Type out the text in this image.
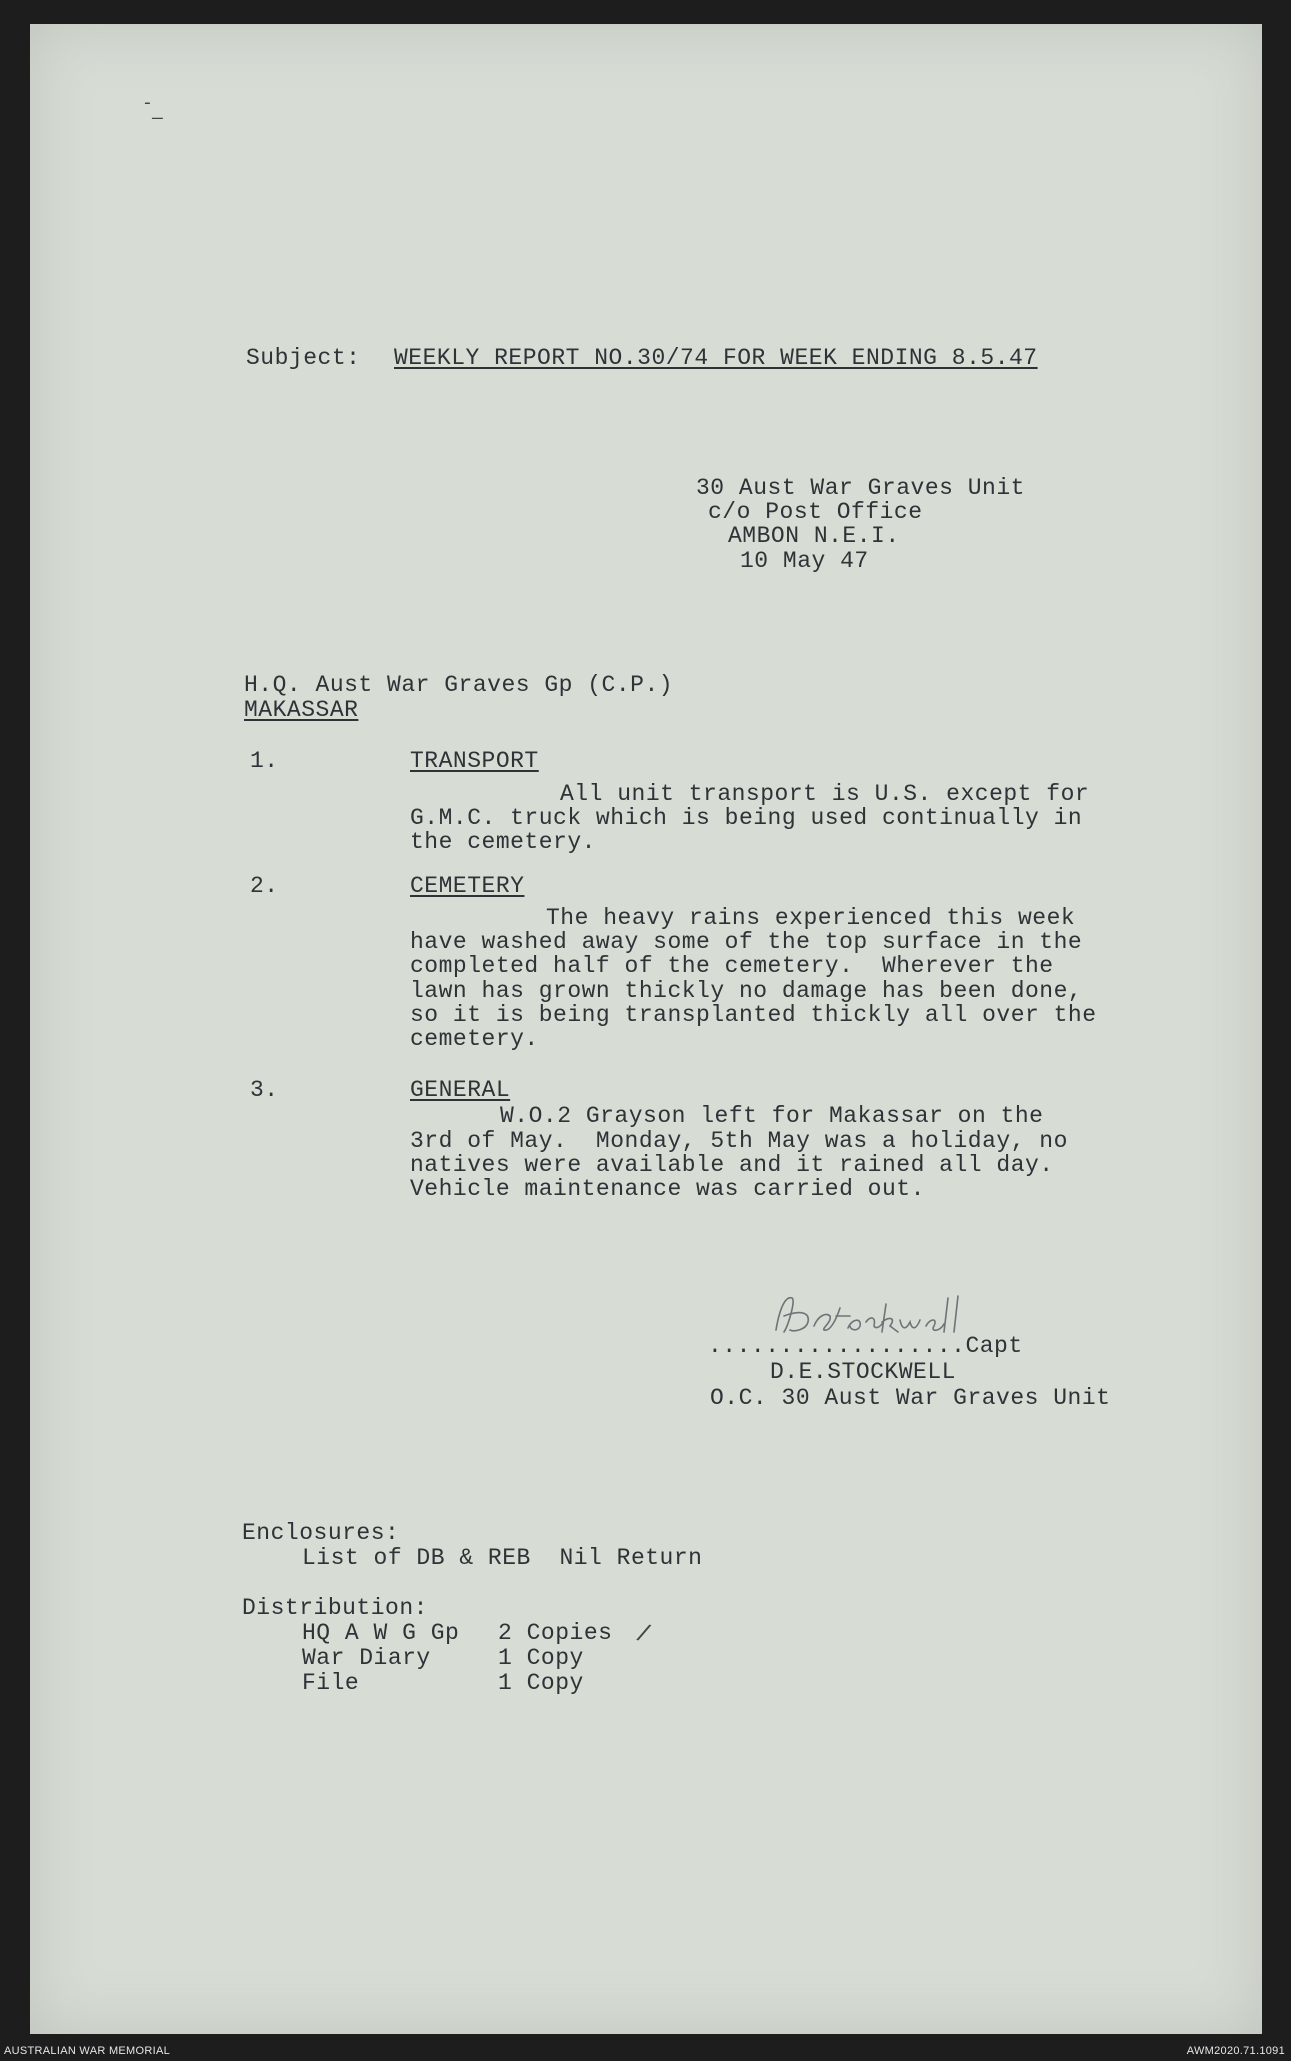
-
—
Subject: WEEKLY REPORT NO.30/74 FOR WEEK ENDING 8.5.47
30 Aust War Graves Unit
c/o Post Office
AMBON N.E.I.
10 May 47
H.Q. Aust War Graves Gp (C.P.)
MAKASSAR
1.	TRANSPORT
All unit transport is U.S. except for
G.M.C. truck which is being used continually in
the cemetery.
2.	CEMETERY
The heavy rains experienced this week
have washed away some of the top surface in the
completed half of the cemetery.  Wherever the
lawn has grown thickly no damage has been done,
so it is being transplanted thickly all over the
cemetery.
3.	GENERAL
W.O.2 Grayson left for Makassar on the
3rd of May.  Monday, 5th May was a holiday, no
natives were available and it rained all day.
Vehicle maintenance was carried out.
DEStockwell
..................Capt
D.E.STOCKWELL
O.C. 30 Aust War Graves Unit
Enclosures:
List of DB & REB  Nil Return
Distribution:
HQ A W G Gp 2 Copies
War Diary	1 Copy
File	1 Copy
/
AUSTRALIAN WAR MEMORIAL	AWM2020.71.1091
